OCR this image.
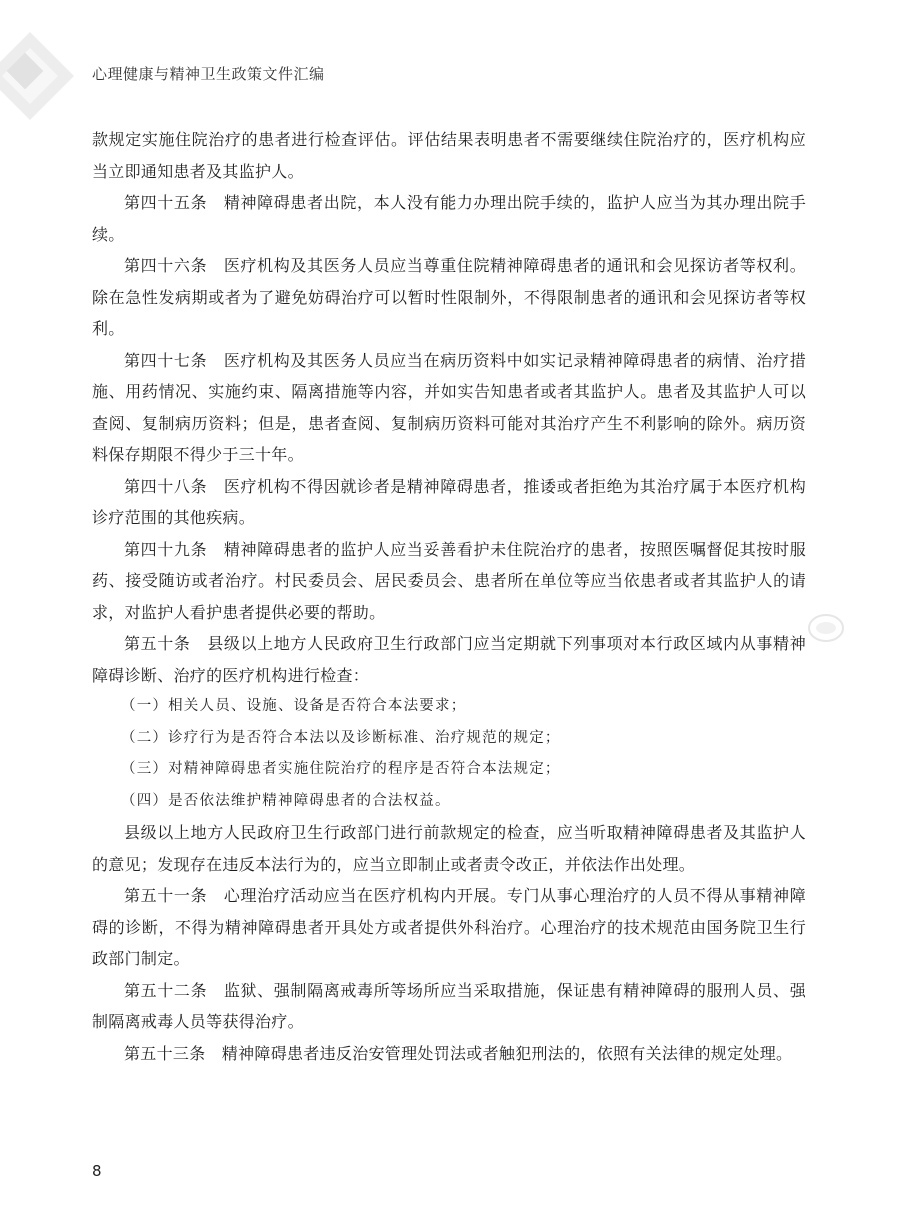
心理健康与精神卫生政策文件汇编

款规定实施住院治疗的患者进行检查评估。评估结果表明患者不需要继续住院治疗的，医疗机构应当立即通知患者及其监护人。

第四十五条　精神障碍患者出院，本人没有能力办理出院手续的，监护人应当为其办理出院手续。

第四十六条　医疗机构及其医务人员应当尊重住院精神障碍患者的通讯和会见探访者等权利。除在急性发病期或者为了避免妨碍治疗可以暂时性限制外，不得限制患者的通讯和会见探访者等权利。

第四十七条　医疗机构及其医务人员应当在病历资料中如实记录精神障碍患者的病情、治疗措施、用药情况、实施约束、隔离措施等内容，并如实告知患者或者其监护人。患者及其监护人可以查阅、复制病历资料；但是，患者查阅、复制病历资料可能对其治疗产生不利影响的除外。病历资料保存期限不得少于三十年。

第四十八条　医疗机构不得因就诊者是精神障碍患者，推诿或者拒绝为其治疗属于本医疗机构诊疗范围的其他疾病。

第四十九条　精神障碍患者的监护人应当妥善看护未住院治疗的患者，按照医嘱督促其按时服药、接受随访或者治疗。村民委员会、居民委员会、患者所在单位等应当依患者或者其监护人的请求，对监护人看护患者提供必要的帮助。

第五十条　县级以上地方人民政府卫生行政部门应当定期就下列事项对本行政区域内从事精神障碍诊断、治疗的医疗机构进行检查：

（一）相关人员、设施、设备是否符合本法要求；

（二）诊疗行为是否符合本法以及诊断标准、治疗规范的规定；

（三）对精神障碍患者实施住院治疗的程序是否符合本法规定；

（四）是否依法维护精神障碍患者的合法权益。

县级以上地方人民政府卫生行政部门进行前款规定的检查，应当听取精神障碍患者及其监护人的意见；发现存在违反本法行为的，应当立即制止或者责令改正，并依法作出处理。

第五十一条　心理治疗活动应当在医疗机构内开展。专门从事心理治疗的人员不得从事精神障碍的诊断，不得为精神障碍患者开具处方或者提供外科治疗。心理治疗的技术规范由国务院卫生行政部门制定。

第五十二条　监狱、强制隔离戒毒所等场所应当采取措施，保证患有精神障碍的服刑人员、强制隔离戒毒人员等获得治疗。

第五十三条　精神障碍患者违反治安管理处罚法或者触犯刑法的，依照有关法律的规定处理。

8
